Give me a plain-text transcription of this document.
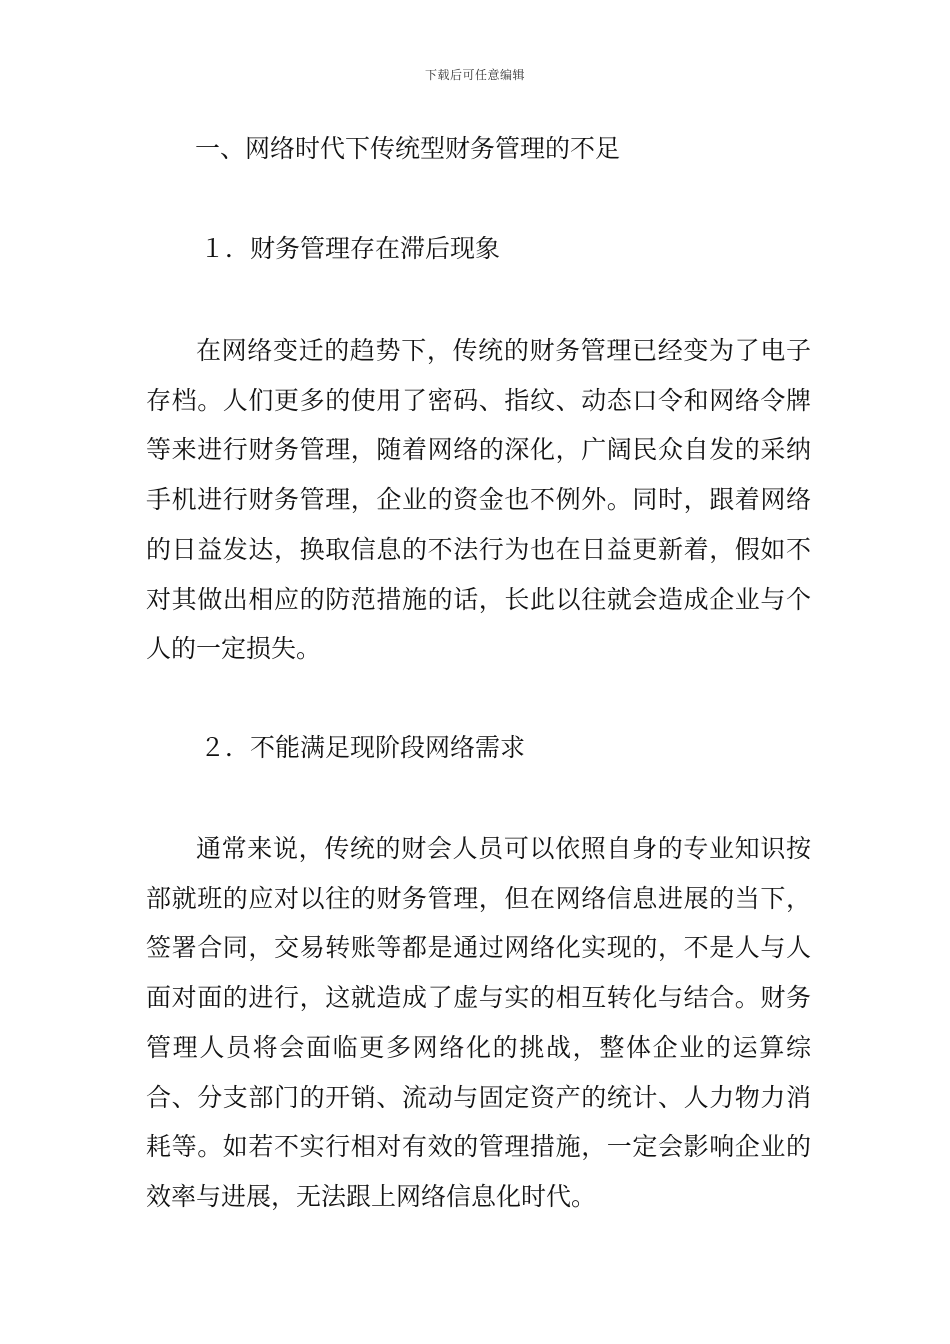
下载后可任意编辑
一、网络时代下传统型财务管理的不足
１．财务管理存在滞后现象

在网络变迁的趋势下，传统的财务管理已经变为了电子存档。人们更多的使用了密码、指纹、动态口令和网络令牌等来进行财务管理，随着网络的深化，广阔民众自发的采纳手机进行财务管理，企业的资金也不例外。同时，跟着网络的日益发达，换取信息的不法行为也在日益更新着，假如不对其做出相应的防范措施的话，长此以往就会造成企业与个人的一定损失。

２．不能满足现阶段网络需求

通常来说，传统的财会人员可以依照自身的专业知识按部就班的应对以往的财务管理，但在网络信息进展的当下，签署合同，交易转账等都是通过网络化实现的，不是人与人面对面的进行，这就造成了虚与实的相互转化与结合。财务管理人员将会面临更多网络化的挑战，整体企业的运算综合、分支部门的开销、流动与固定资产的统计、人力物力消耗等。如若不实行相对有效的管理措施，一定会影响企业的效率与进展，无法跟上网络信息化时代。
